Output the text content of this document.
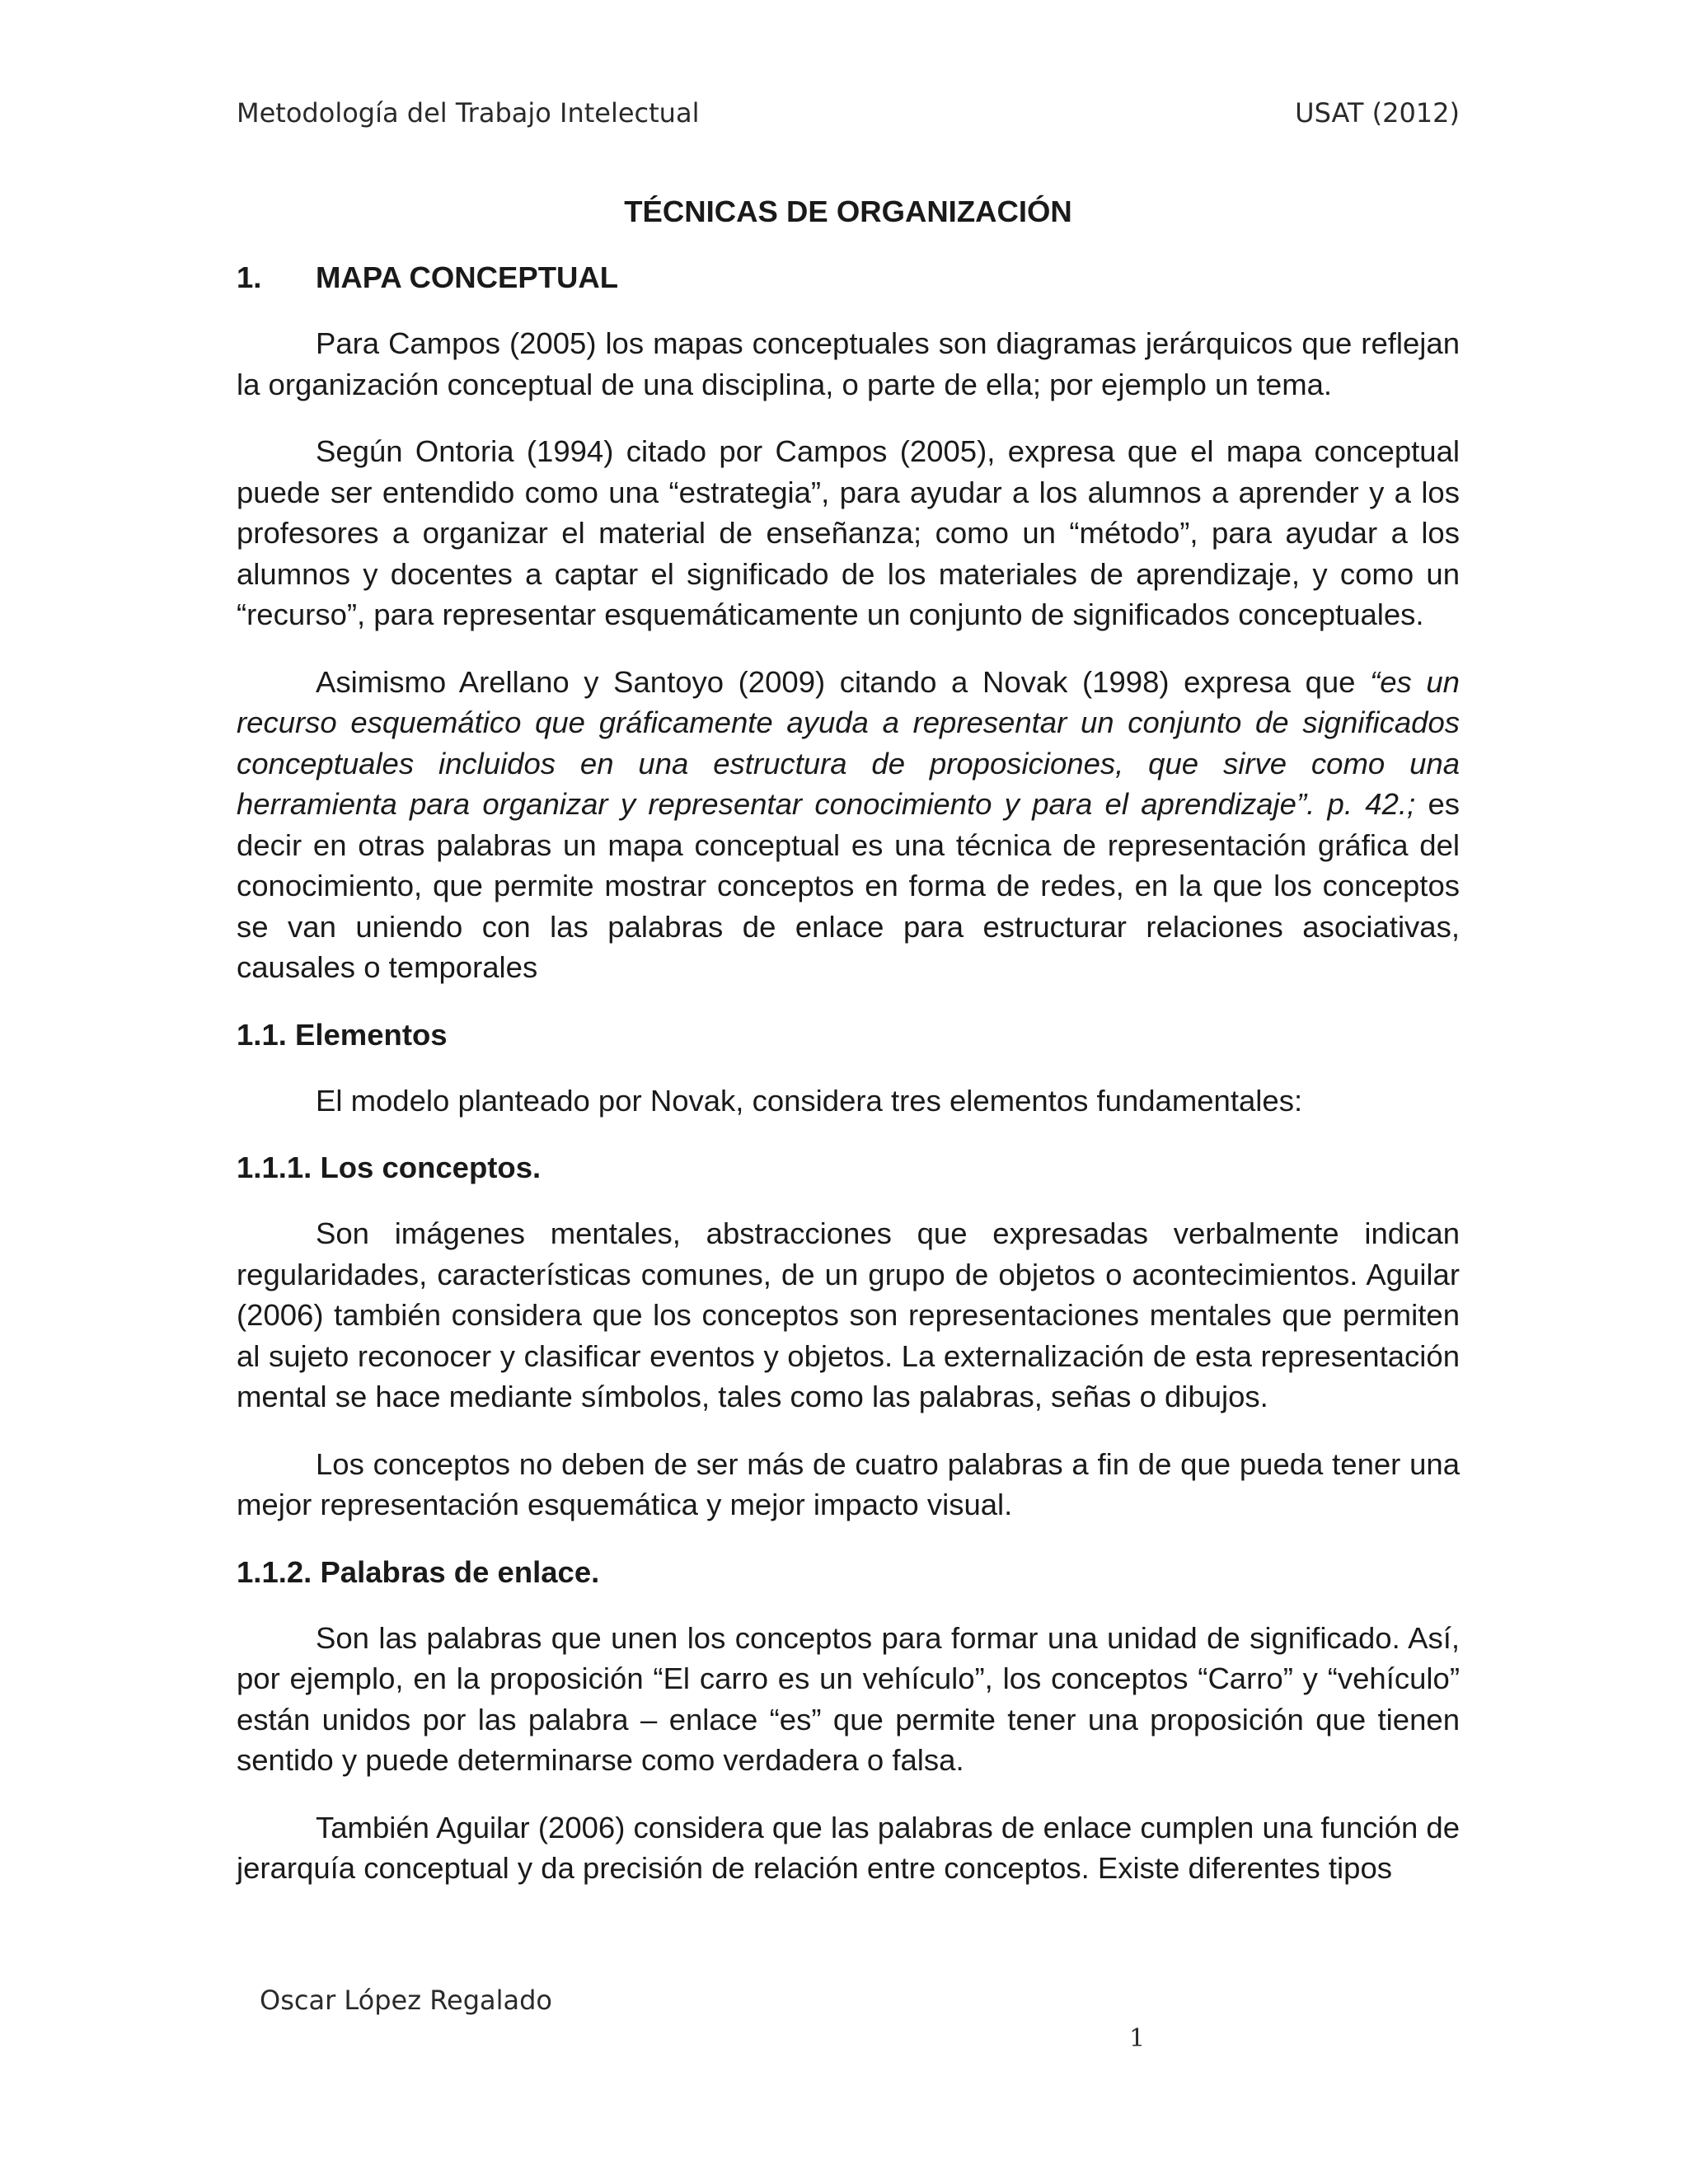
Metodología del Trabajo Intelectual	USAT (2012)
TÉCNICAS DE ORGANIZACIÓN
1. MAPA CONCEPTUAL

Para Campos (2005) los mapas conceptuales son diagramas jerárquicos que reflejan la organización conceptual de una disciplina, o parte de ella; por ejemplo un tema.

Según Ontoria (1994) citado por Campos (2005), expresa que el mapa conceptual puede ser entendido como una “estrategia”, para ayudar a los alumnos a aprender y a los profesores a organizar el material de enseñanza; como un “método”, para ayudar a los alumnos y docentes a captar el significado de los materiales de aprendizaje, y como un “recurso”, para representar esquemáticamente un conjunto de significados conceptuales.

Asimismo Arellano y Santoyo (2009) citando a Novak (1998) expresa que “es un recurso esquemático que gráficamente ayuda a representar un conjunto de significados conceptuales incluidos en una estructura de proposiciones, que sirve como una herramienta para organizar y representar conocimiento y para el aprendizaje”. p. 42.; es decir en otras palabras un mapa conceptual es una técnica de representación gráfica del conocimiento, que permite mostrar conceptos en forma de redes, en la que los conceptos se van uniendo con las palabras de enlace para estructurar relaciones asociativas, causales o temporales

1.1. Elementos

El modelo planteado por Novak, considera tres elementos fundamentales:

1.1.1. Los conceptos.

Son imágenes mentales, abstracciones que expresadas verbalmente indican regularidades, características comunes, de un grupo de objetos o acontecimientos. Aguilar (2006) también considera que los conceptos son representaciones mentales que permiten al sujeto reconocer y clasificar eventos y objetos. La externalización de esta representación mental se hace mediante símbolos, tales como las palabras, señas o dibujos.

Los conceptos no deben de ser más de cuatro palabras a fin de que pueda tener una mejor representación esquemática y mejor impacto visual.

1.1.2. Palabras de enlace.

Son las palabras que unen los conceptos para formar una unidad de significado. Así, por ejemplo, en la proposición “El carro es un vehículo”, los conceptos “Carro” y “vehículo” están unidos por las palabra – enlace “es” que permite tener una proposición que tienen sentido y puede determinarse como verdadera o falsa.

También Aguilar (2006) considera que las palabras de enlace cumplen una función de jerarquía conceptual y da precisión de relación entre conceptos. Existe diferentes tipos

Oscar López Regalado
1
